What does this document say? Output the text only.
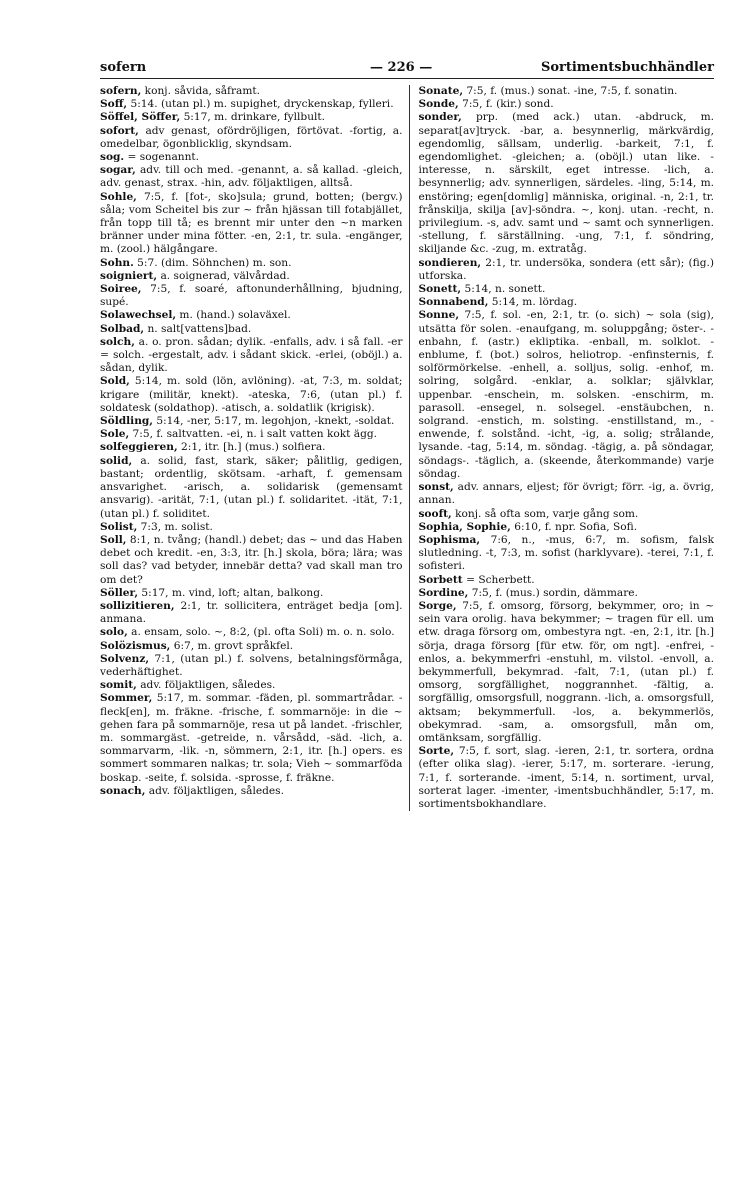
sofern	— 226 —	Sortimentsbuchhändler

sofern, konj. såvida, såframt.

Soff, 5:14. (utan pl.) m. supighet, dryckenskap, fylleri.

Söffel, Söffer, 5:17, m. drinkare, fyllbult.

sofort, adv genast, ofördröjligen, förtövat. -fortig, a. omedelbar, ögonblicklig, skyndsam.

sog. = sogenannt.

sogar, adv. till och med. -genannt, a. så kallad. -gleich, adv. genast, strax. -hin, adv. följaktligen, alltså.

Sohle, 7:5, f. [fot-, sko]sula; grund, botten; (bergv.) såla; vom Scheitel bis zur ~ från hjässan till fotabjället, från topp till tå; es brennt mir unter den ~n marken bränner under mina fötter. -en, 2:1, tr. sula. -engänger, m. (zool.) hälgångare.

Sohn. 5:7. (dim. Söhnchen) m. son.

soigniert, a. soignerad, välvårdad.

Soiree, 7:5, f. soaré, aftonunderhållning, bjudning, supé.

Solawechsel, m. (hand.) solaväxel.

Solbad, n. salt[vattens]bad.

solch, a. o. pron. sådan; dylik. -enfalls, adv. i så fall. -er = solch. -ergestalt, adv. i sådant skick. -erlei, (oböjl.) a. sådan, dylik.

Sold, 5:14, m. sold (lön, avlöning). -at, 7:3, m. soldat; krigare (militär, knekt). -ateska, 7:6, (utan pl.) f. soldatesk (soldathop). -atisch, a. soldatlik (krigisk).

Söldling, 5:14, -ner, 5:17, m. legohjon, -knekt, -soldat.

Sole, 7:5, f. saltvatten. -ei, n. i salt vatten kokt ägg.

solfeggieren, 2:1, itr. [h.] (mus.) solfiera.

solid, a. solid, fast, stark, säker; pålitlig, gedigen, bastant; ordentlig, skötsam. -arhaft, f. gemensam ansvarighet. -arisch, a. solidarisk (gemensamt ansvarig). -arität, 7:1, (utan pl.) f. solidaritet. -ität, 7:1, (utan pl.) f. soliditet.

Solist, 7:3, m. solist.

Soll, 8:1, n. tvång; (handl.) debet; das ~ und das Haben debet och kredit. -en, 3:3, itr. [h.] skola, böra; lära; was soll das? vad betyder, innebär detta? vad skall man tro om det?

Söller, 5:17, m. vind, loft; altan, balkong.

sollizitieren, 2:1, tr. sollicitera, enträget bedja [om]. anmana.

solo, a. ensam, solo. ~, 8:2, (pl. ofta Soli) m. o. n. solo.

Solözismus, 6:7, m. grovt språkfel.

Solvenz, 7:1, (utan pl.) f. solvens, betalningsförmåga, vederhäftighet.

somit, adv. följaktligen, således.

Sommer, 5:17, m. sommar. -fäden, pl. sommartrådar. -fleck[en], m. fräkne. -frische, f. sommarnöje: in die ~ gehen fara på sommarnöje, resa ut på landet. -frischler, m. sommargäst. -getreide, n. vårsådd, -säd. -lich, a. sommarvarm, -lik. -n, sömmern, 2:1, itr. [h.] opers. es sommert sommaren nalkas; tr. sola; Vieh ~ sommarföda boskap. -seite, f. solsida. -sprosse, f. fräkne.

sonach, adv. följaktligen, således.

Sonate, 7:5, f. (mus.) sonat. -ine, 7:5, f. sonatin.

Sonde, 7:5, f. (kir.) sond.

sonder, prp. (med ack.) utan. -abdruck, m. separat[av]tryck. -bar, a. besynnerlig, märkvärdig, egendomlig, sällsam, underlig. -barkeit, 7:1, f. egendomlighet. -gleichen; a. (oböjl.) utan like. -interesse, n. särskilt, eget intresse. -lich, a. besynnerlig; adv. synnerligen, särdeles. -ling, 5:14, m. enstöring; egen[domlig] människa, original. -n, 2:1, tr. frånskilja, skilja [av]-söndra. ~, konj. utan. -recht, n. privilegium. -s, adv. samt und ~ samt och synnerligen. -stellung, f. särställning. -ung, 7:1, f. söndring, skiljande &c. -zug, m. extratåg.

sondieren, 2:1, tr. undersöka, sondera (ett sår); (fig.) utforska.

Sonett, 5:14, n. sonett.

Sonnabend, 5:14, m. lördag.

Sonne, 7:5, f. sol. -en, 2:1, tr. (o. sich) ~ sola (sig), utsätta för solen. -enaufgang, m. soluppgång; öster-. -enbahn, f. (astr.) ekliptika. -enball, m. solklot. -enblume, f. (bot.) solros, heliotrop. -enfinsternis, f. solförmörkelse. -enhell, a. solljus, solig. -enhof, m. solring, solgård. -enklar, a. solklar; självklar, uppenbar. -enschein, m. solsken. -enschirm, m. parasoll. -ensegel, n. solsegel. -enstäubchen, n. solgrand. -enstich, m. solsting. -enstillstand, m., -enwende, f. solstånd. -icht, -ig, a. solig; strålande, lysande. -tag, 5:14, m. söndag. -tägig, a. på söndagar, söndags-. -täglich, a. (skeende, återkommande) varje söndag.

sonst, adv. annars, eljest; för övrigt; förr. -ig, a. övrig, annan.

sooft, konj. så ofta som, varje gång som.

Sophia, Sophie, 6:10, f. npr. Sofia, Sofi.

Sophisma, 7:6, n., -mus, 6:7, m. sofism, falsk slutledning. -t, 7:3, m. sofist (harklyvare). -terei, 7:1, f. sofisteri.

Sorbett = Scherbett.

Sordine, 7:5, f. (mus.) sordin, dämmare.

Sorge, 7:5, f. omsorg, försorg, bekymmer, oro; in ~ sein vara orolig. hava bekymmer; ~ tragen für ell. um etw. draga försorg om, ombestyra ngt. -en, 2:1, itr. [h.] sörja, draga försorg [für etw. för, om ngt]. -enfrei, -enlos, a. bekymmerfri -enstuhl, m. vilstol. -envoll, a. bekymmerfull, bekymrad. -falt, 7:1, (utan pl.) f. omsorg, sorgfällighet, noggrannhet. -fältig, a. sorgfällig, omsorgsfull, noggrann. -lich, a. omsorgsfull, aktsam; bekymmerfull. -los, a. bekymmerlös, obekymrad. -sam, a. omsorgsfull, mån om, omtänksam, sorgfällig.

Sorte, 7:5, f. sort, slag. -ieren, 2:1, tr. sortera, ordna (efter olika slag). -ierer, 5:17, m. sorterare. -ierung, 7:1, f. sorterande. -iment, 5:14, n. sortiment, urval, sorterat lager. -imenter, -imentsbuchhändler, 5:17, m. sortimentsbokhandlare.
